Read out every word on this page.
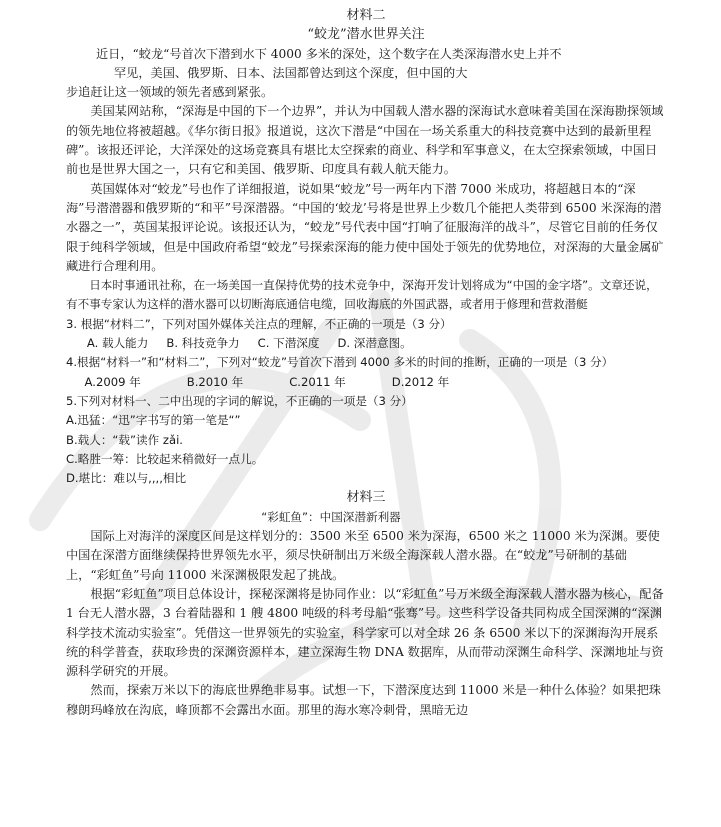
材料二

“蛟龙”潜水世界关注

近日，“蛟龙“号首次下潜到水下 4000 多米的深处，这个数字在人类深海潜水史上并不

罕见，美国、俄罗斯、日本、法国都曾达到这个深度，但中国的大

步追赶让这一领域的领先者感到紧张。

美国某网站称，“深海是中国的下一个边界”，并认为中国载人潜水器的深海试水意味着美国在深海勘探领域的领先地位将被超越。《华尔街日报》报道说，这次下潜是“中国在一场关系重大的科技竞赛中达到的最新里程碑”。该报还评论，大洋深处的这场竞赛具有堪比太空探索的商业、科学和军事意义，在太空探索领域，中国日前也是世界大国之一，只有它和美国、俄罗斯、印度具有载人航天能力。

英国媒体对“蛟龙”号也作了详细报道，说如果“蛟龙”号一两年内下潜 7000 米成功，将超越日本的“深海”号潜潜器和俄罗斯的“和平”号深潜器。“中国的‘蛟龙’号将是世界上少数几个能把人类带到 6500 米深海的潜水器之一”，英国某报评论说。该报还认为，“蛟龙”号代表中国“打响了征服海洋的战斗”，尽管它目前的任务仅限于纯科学领域，但是中国政府希望“蛟龙”号探索深海的能力使中国处于领先的优势地位，对深海的大量金属矿藏进行合理利用。

日本时事通讯社称，在一场美国一直保持优势的技术竞争中，深海开发计划将成为“中国的金字塔”。文章还说，有不事专家认为这样的潜水器可以切断海底通信电缆，回收海底的外国武器，或者用于修理和营救潜艇

3. 根据“材料二”，下列对国外媒体关注点的理解，不正确的一项是（3 分）

A. 载人能力 B. 科技竞争力 C. 下潜深度 D. 深潜意图。

4.根据“材料一”和“材料二”，下列对“蛟龙”号首次下潜到 4000 多米的时间的推断，正确的一项是（3 分）

A.2009 年	B.2010 年	C.2011 年	D.2012 年

5.下列对材料一、二中出现的字词的解说，不正确的一项是（3 分）

A.迅猛：“迅”字书写的第一笔是“”

B.载人：“载”读作 zǎi.

C.略胜一筹：比较起来稍微好一点儿。

D.堪比：难以与,,,,相比

材料三

“彩虹鱼”：中国深潜新利器

国际上对海洋的深度区间是这样划分的：3500 米至 6500 米为深海，6500 米之 11000 米为深渊。要使中国在深潜方面继续保持世界领先水平，须尽快研制出万米级全海深载人潜水器。在“蛟龙”号研制的基础上，“彩虹鱼”号向 11000 米深渊极限发起了挑战。

根据“彩虹鱼”项目总体设计，探秘深渊将是协同作业：以“彩虹鱼”号万米级全海深载人潜水器为核心，配备 1 台无人潜水器，3 台着陆器和 1 艘 4800 吨级的科考母船“张骞”号。这些科学设备共同构成全国深渊的“深渊科学技术流动实验室”。凭借这一世界领先的实验室，科学家可以对全球 26 条 6500 米以下的深渊海沟开展系统的科学普查，获取珍贵的深渊资源样本，建立深海生物 DNA 数据库，从而带动深渊生命科学、深渊地址与资源科学研究的开展。

然而，探索万米以下的海底世界绝非易事。试想一下，下潜深度达到 11000 米是一种什么体验？如果把珠穆朗玛峰放在沟底，峰顶都不会露出水面。那里的海水寒冷刺骨，黑暗无边
